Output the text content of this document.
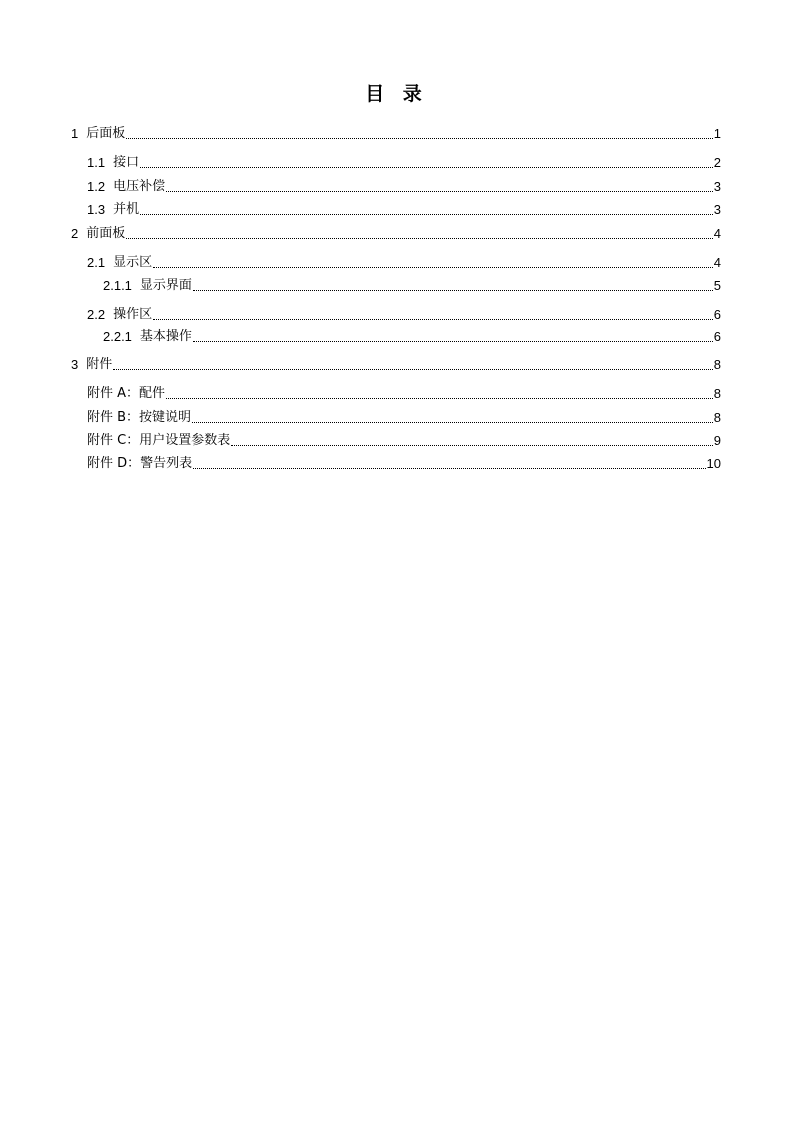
目 录
1 后面板	1
1.1 接口	2
1.2 电压补偿	3
1.3 并机	3
2 前面板	4
2.1 显示区	4
2.1.1 显示界面	5
2.2 操作区	6
2.2.1 基本操作	6
3 附件	8
附件 A：配件	8
附件 B：按键说明	8
附件 C：用户设置参数表	9
附件 D：警告列表	10
